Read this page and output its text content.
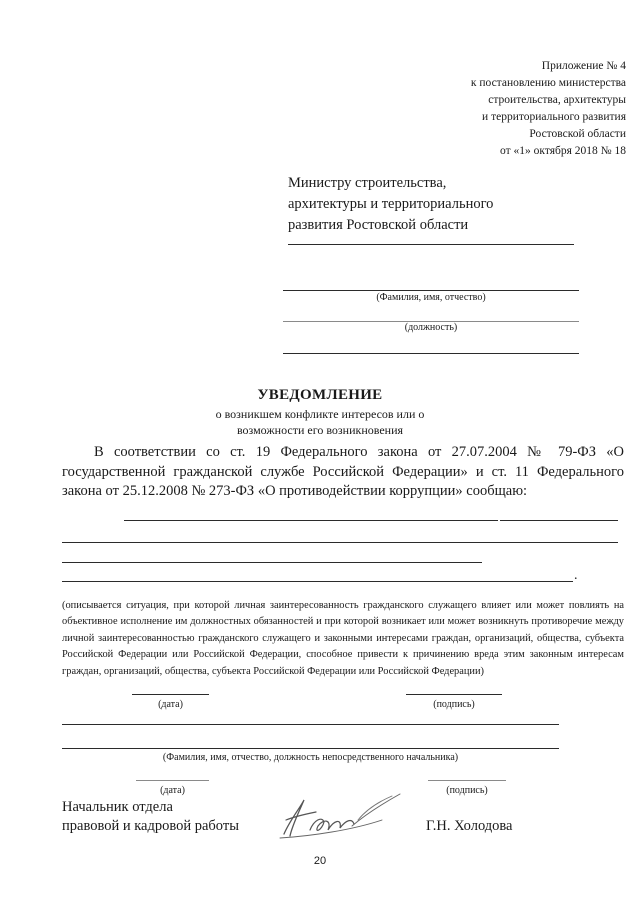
Приложение № 4
к постановлению министерства
строительства, архитектуры
и территориального развития
Ростовской области
от «1» октября 2018 № 18
Министру строительства,
архитектуры и территориального
развития Ростовской области
(Фамилия, имя, отчество)
(должность)
УВЕДОМЛЕНИЕ
о возникшем конфликте интересов или о
возможности его возникновения
В соответствии со ст. 19 Федерального закона от 27.07.2004 № 79-ФЗ «О государственной гражданской службе Российской Федерации» и ст. 11 Федерального закона от 25.12.2008 № 273-ФЗ «О противодействии коррупции» сообщаю:
.
(описывается ситуация, при которой личная заинтересованность гражданского служащего влияет или может повлиять на объективное исполнение им должностных обязанностей и при которой возникает или может возникнуть противоречие между личной заинтересованностью гражданского служащего и законными интересами граждан, организаций, общества, субъекта Российской Федерации или Российской Федерации, способное привести к причинению вреда этим законным интересам граждан, организаций, общества, субъекта Российской Федерации или Российской Федерации)
(дата)	(подпись)
(Фамилия, имя, отчество, должность непосредственного начальника)
(дата)	(подпись)
Начальник отдела
правовой и кадровой работы	Г.Н. Холодова
20
